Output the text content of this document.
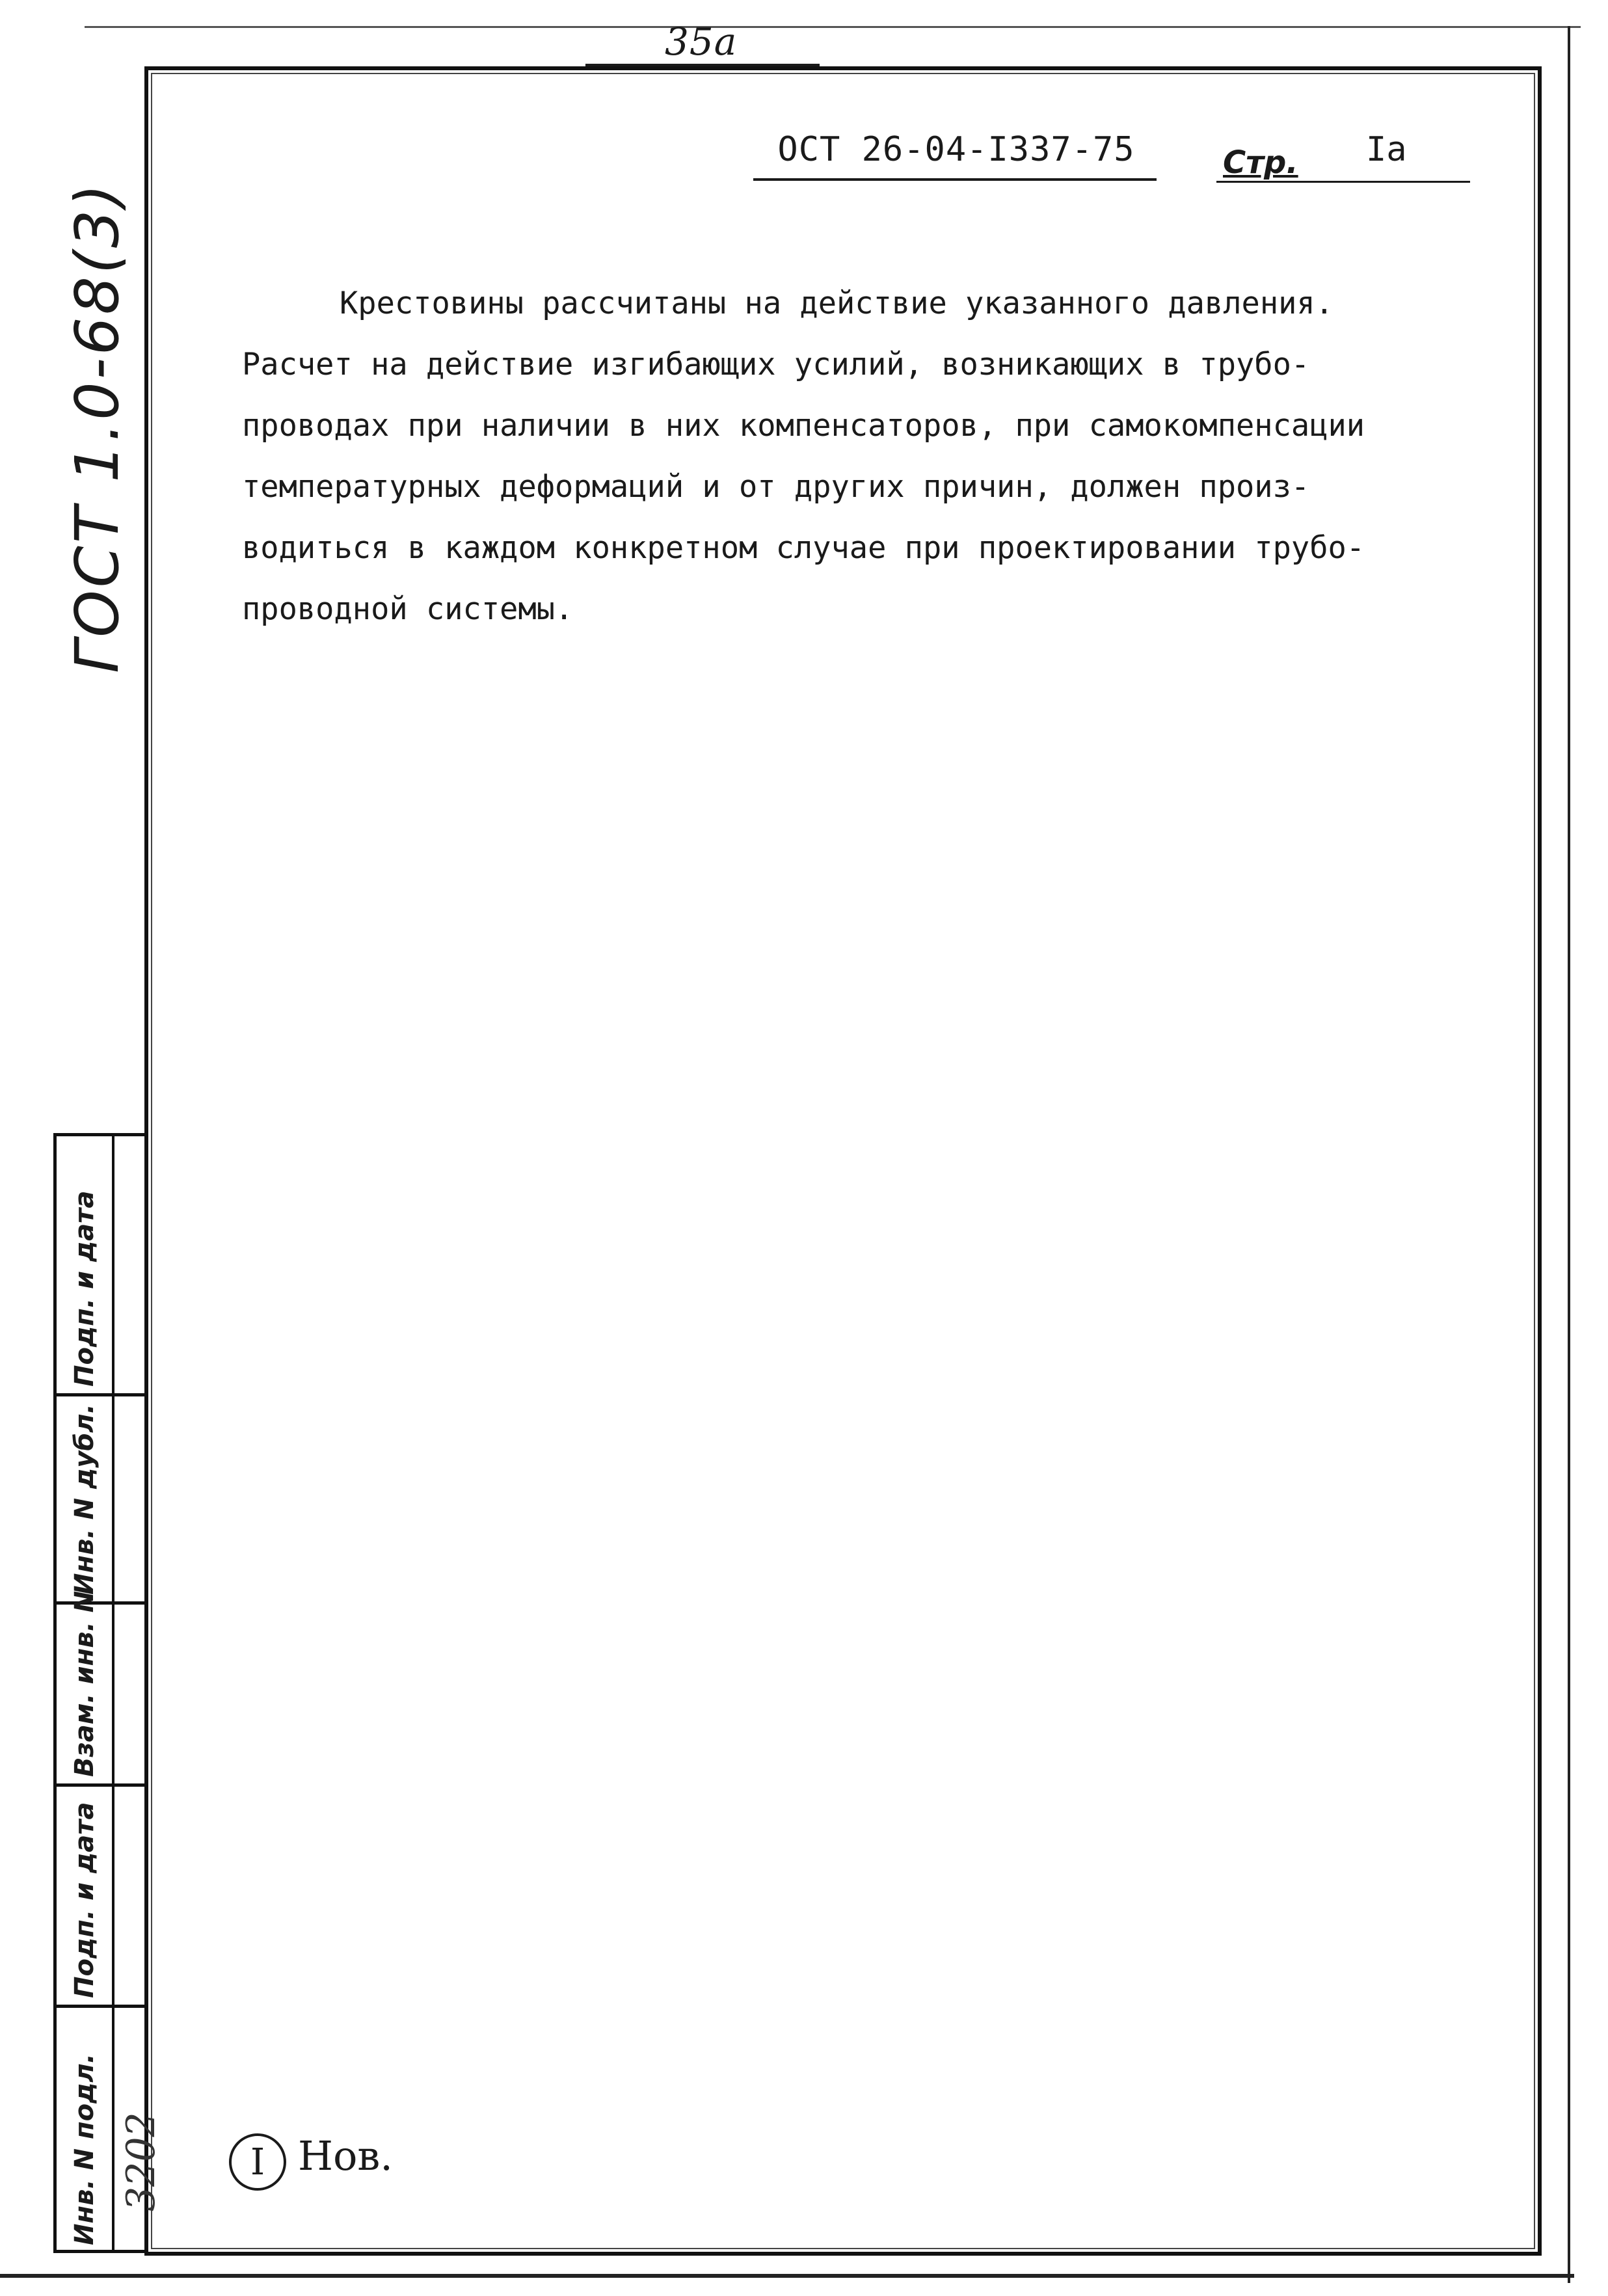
35а
ГОСТ 1.0-68(3)
ОСТ 26-04-I337-75	Стр. Iа
Крестовины рассчитаны на действие указанного давления.
Расчет на действие изгибающих усилий, возникающих в трубо-
проводах при наличии в них компенсаторов, при самокомпенсации
температурных деформаций и от других причин, должен произ-
водиться в каждом конкретном случае при проектировании трубо-
проводной системы.
Подп. и дата
Инв. N дубл.
Взам. инв. N
Подп. и дата
Инв. N подл. 3202	I Нов.
